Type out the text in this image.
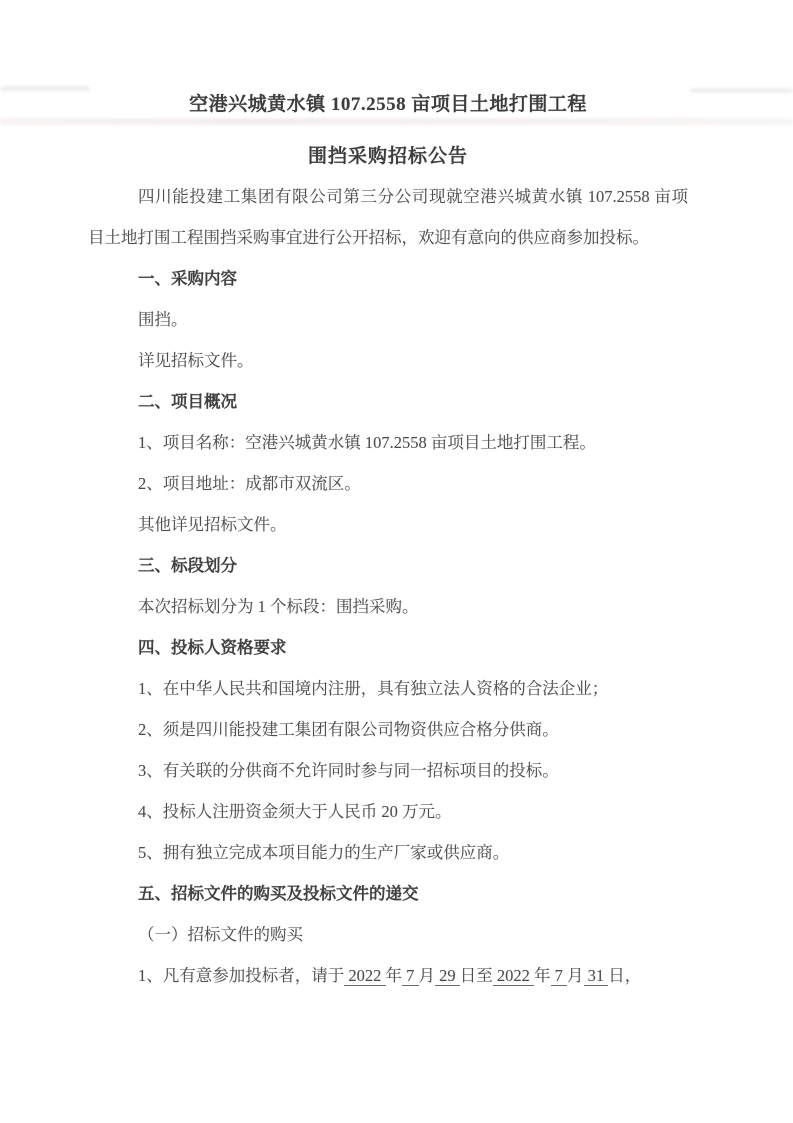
空港兴城黄水镇 107.2558 亩项目土地打围工程

围挡采购招标公告

四川能投建工集团有限公司第三分公司现就空港兴城黄水镇 107.2558 亩项

目土地打围工程围挡采购事宜进行公开招标，欢迎有意向的供应商参加投标。

一、采购内容

围挡。

详见招标文件。

二、项目概况

1、项目名称：空港兴城黄水镇 107.2558 亩项目土地打围工程。

2、项目地址：成都市双流区。

其他详见招标文件。

三、标段划分

本次招标划分为 1 个标段：围挡采购。

四、投标人资格要求

1、在中华人民共和国境内注册，具有独立法人资格的合法企业；

2、须是四川能投建工集团有限公司物资供应合格分供商。

3、有关联的分供商不允许同时参与同一招标项目的投标。

4、投标人注册资金须大于人民币 20 万元。

5、拥有独立完成本项目能力的生产厂家或供应商。

五、招标文件的购买及投标文件的递交

（一）招标文件的购买

1、凡有意参加投标者，请于 2022 年 7 月 29 日至 2022 年 7 月 31 日，
